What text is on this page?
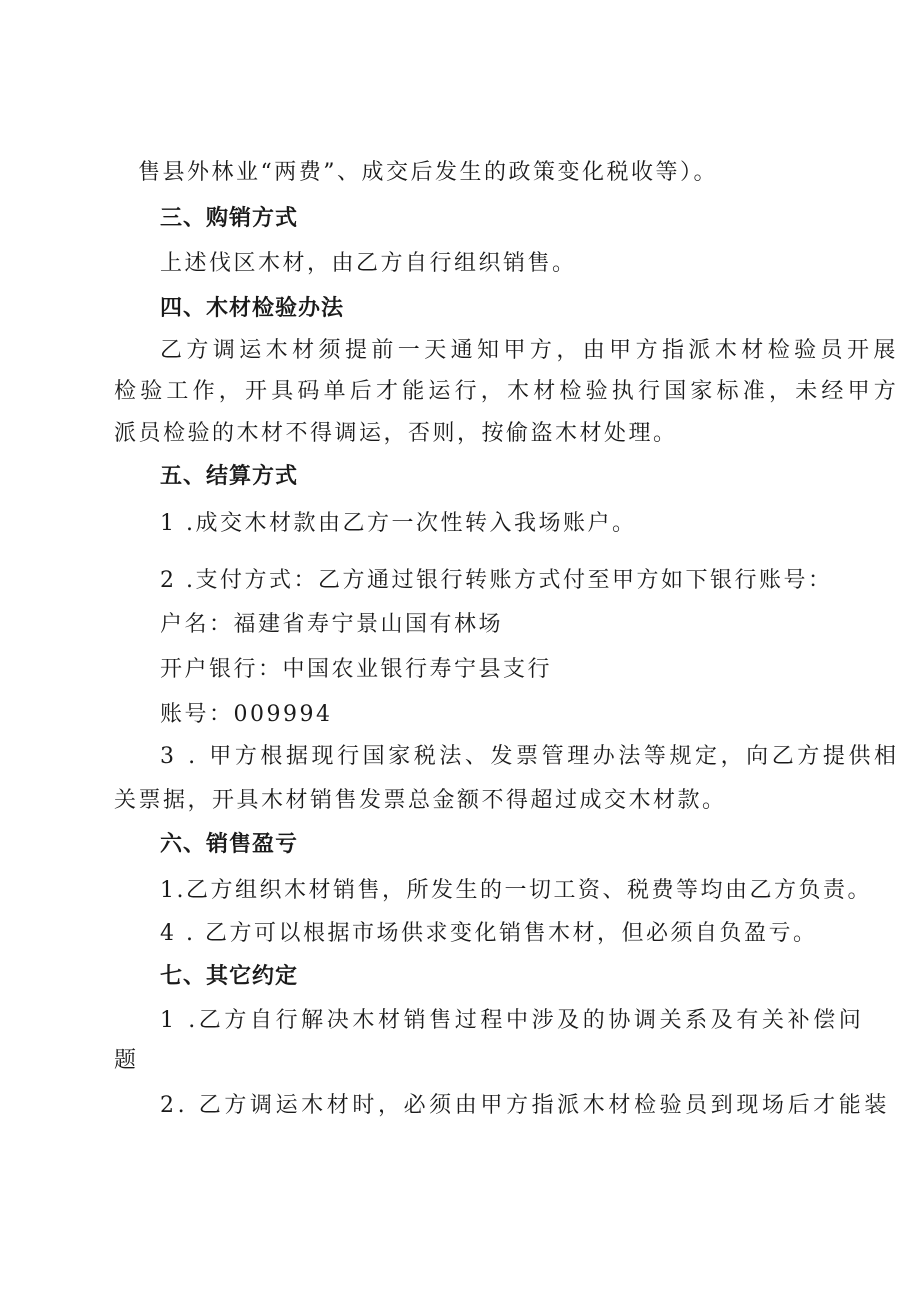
售县外林业“两费”、成交后发生的政策变化税收等）。

三、购销方式

上述伐区木材，由乙方自行组织销售。

四、木材检验办法

乙方调运木材须提前一天通知甲方，由甲方指派木材检验员开展

检验工作，开具码单后才能运行，木材检验执行国家标准，未经甲方

派员检验的木材不得调运，否则，按偷盗木材处理。

五、结算方式

1 .成交木材款由乙方一次性转入我场账户。

2 .支付方式：乙方通过银行转账方式付至甲方如下银行账号：

户名：福建省寿宁景山国有林场

开户银行：中国农业银行寿宁县支行

账号：009994

3 . 甲方根据现行国家税法、发票管理办法等规定，向乙方提供相

关票据，开具木材销售发票总金额不得超过成交木材款。

六、销售盈亏

1.乙方组织木材销售，所发生的一切工资、税费等均由乙方负责。

4 . 乙方可以根据市场供求变化销售木材，但必须自负盈亏。

七、其它约定

1 .乙方自行解决木材销售过程中涉及的协调关系及有关补偿问

题

2. 乙方调运木材时，必须由甲方指派木材检验员到现场后才能装
